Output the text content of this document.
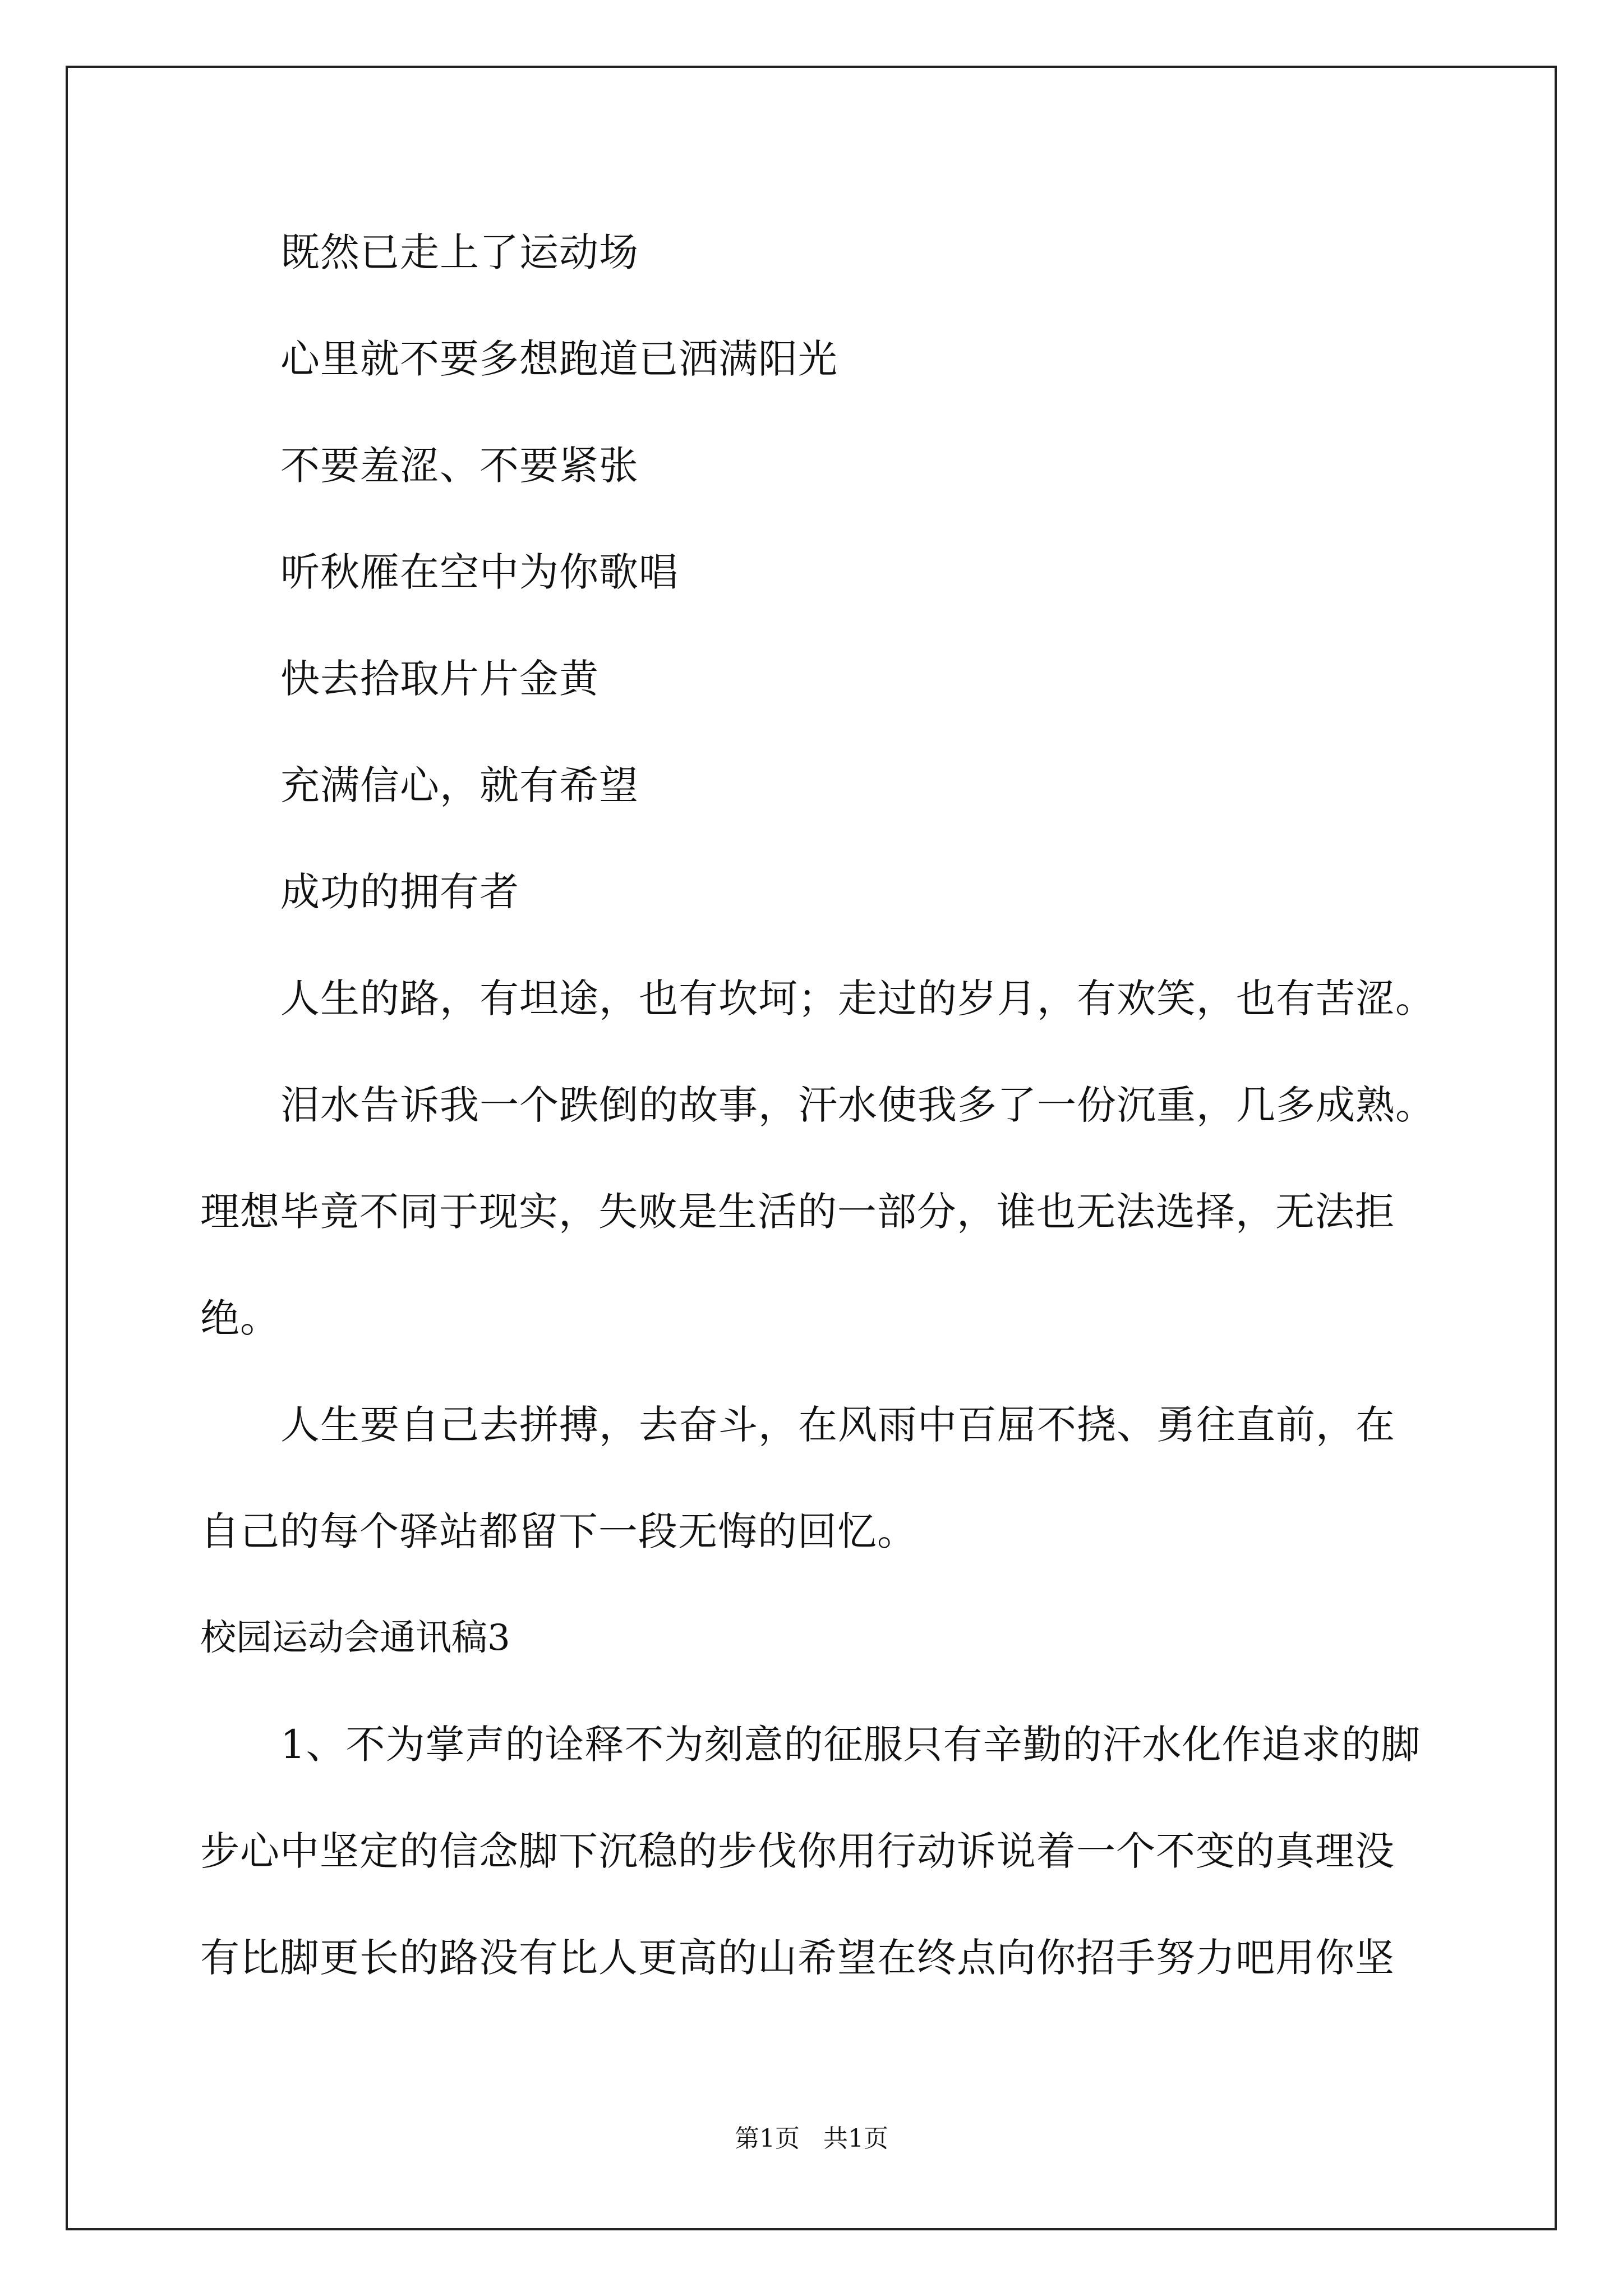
既然已走上了运动场
心里就不要多想跑道已洒满阳光
不要羞涩、不要紧张
听秋雁在空中为你歌唱
快去拾取片片金黄
充满信心，就有希望
成功的拥有者
人生的路，有坦途，也有坎坷；走过的岁月，有欢笑，也有苦涩。
泪水告诉我一个跌倒的故事，汗水使我多了一份沉重，几多成熟。
理想毕竟不同于现实，失败是生活的一部分，谁也无法选择，无法拒
绝。
人生要自己去拼搏，去奋斗，在风雨中百屈不挠、勇往直前，在
自己的每个驿站都留下一段无悔的回忆。
校园运动会通讯稿3
1、不为掌声的诠释不为刻意的征服只有辛勤的汗水化作追求的脚
步心中坚定的信念脚下沉稳的步伐你用行动诉说着一个不变的真理没
有比脚更长的路没有比人更高的山希望在终点向你招手努力吧用你坚
第1页   共1页
